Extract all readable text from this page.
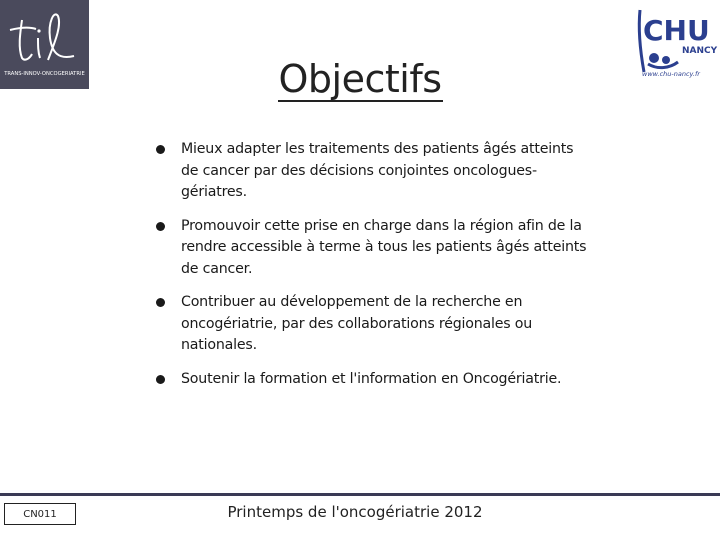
TRANS-INNOV-ONCOGERIATRIE
CHU
NANCY
www.chu-nancy.fr
Objectifs
Mieux adapter les traitements des patients âgés atteints de cancer par des décisions conjointes oncologues-gériatres.
Promouvoir cette prise en charge dans la région afin de la rendre accessible à terme à tous les patients âgés atteints de cancer.
Contribuer au développement de la recherche en oncogériatrie, par des collaborations régionales ou nationales.
Soutenir la formation et l'information en Oncogériatrie.
CN011	Printemps de l'oncogériatrie 2012
